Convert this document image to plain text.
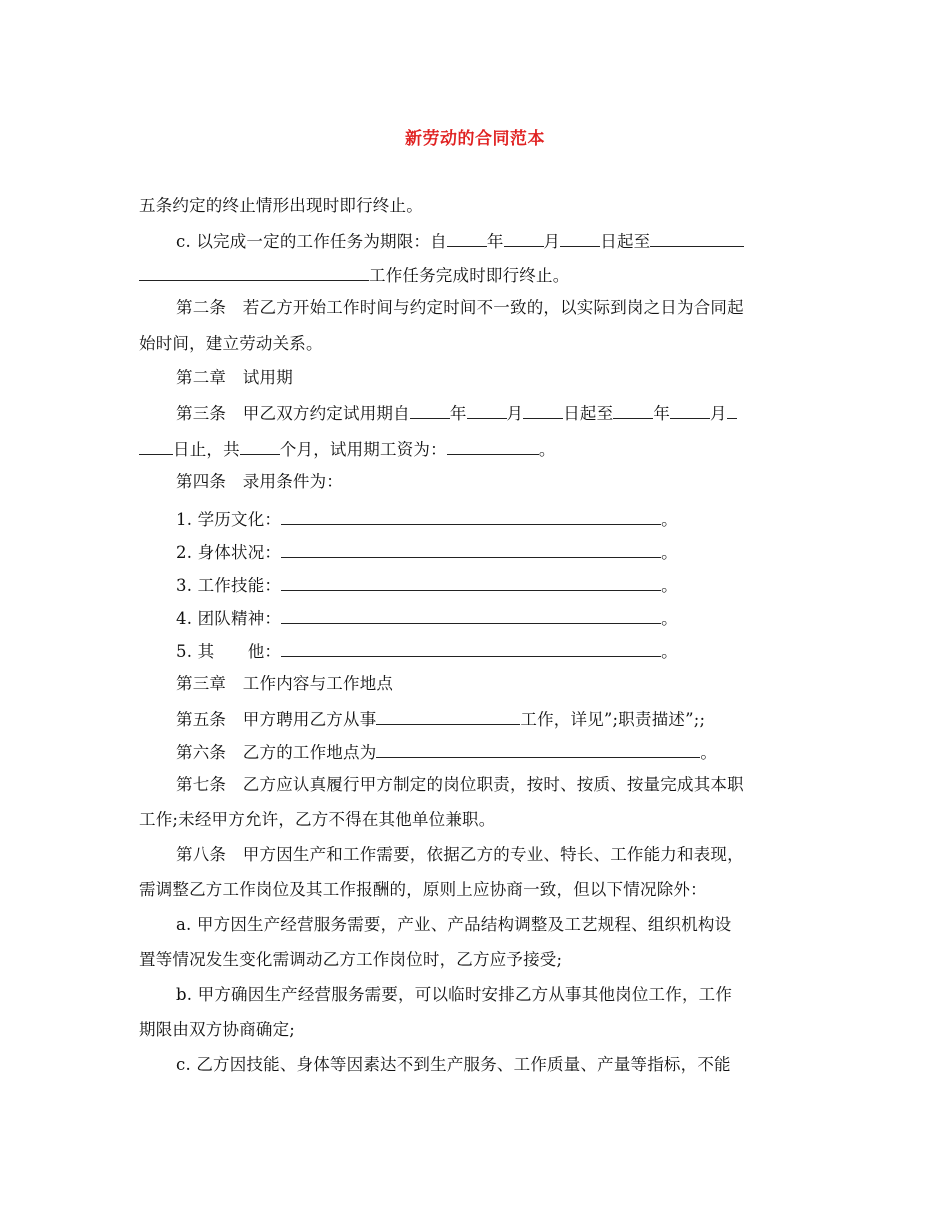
新劳动的合同范本
五条约定的终止情形出现时即行终止。
c. 以完成一定的工作任务为期限：自 年 月 日起至
工作任务完成时即行终止。
第二条　若乙方开始工作时间与约定时间不一致的，以实际到岗之日为合同起
始时间，建立劳动关系。
第二章　试用期
第三条　甲乙双方约定试用期自 年 月 日起至 年 月
日止，共 个月，试用期工资为：	。
第四条　录用条件为：
1. 学历文化：	。
2. 身体状况：	。
3. 工作技能：	。
4. 团队精神：	。
5. 其　　他：	。
第三章　工作内容与工作地点
第五条　甲方聘用乙方从事	工作，详见”;职责描述”;;
第六条　乙方的工作地点为	。
第七条　乙方应认真履行甲方制定的岗位职责，按时、按质、按量完成其本职
工作;未经甲方允许，乙方不得在其他单位兼职。
第八条　甲方因生产和工作需要，依据乙方的专业、特长、工作能力和表现，
需调整乙方工作岗位及其工作报酬的，原则上应协商一致，但以下情况除外：
a. 甲方因生产经营服务需要，产业、产品结构调整及工艺规程、组织机构设
置等情况发生变化需调动乙方工作岗位时，乙方应予接受;
b. 甲方确因生产经营服务需要，可以临时安排乙方从事其他岗位工作，工作
期限由双方协商确定;
c. 乙方因技能、身体等因素达不到生产服务、工作质量、产量等指标，不能
